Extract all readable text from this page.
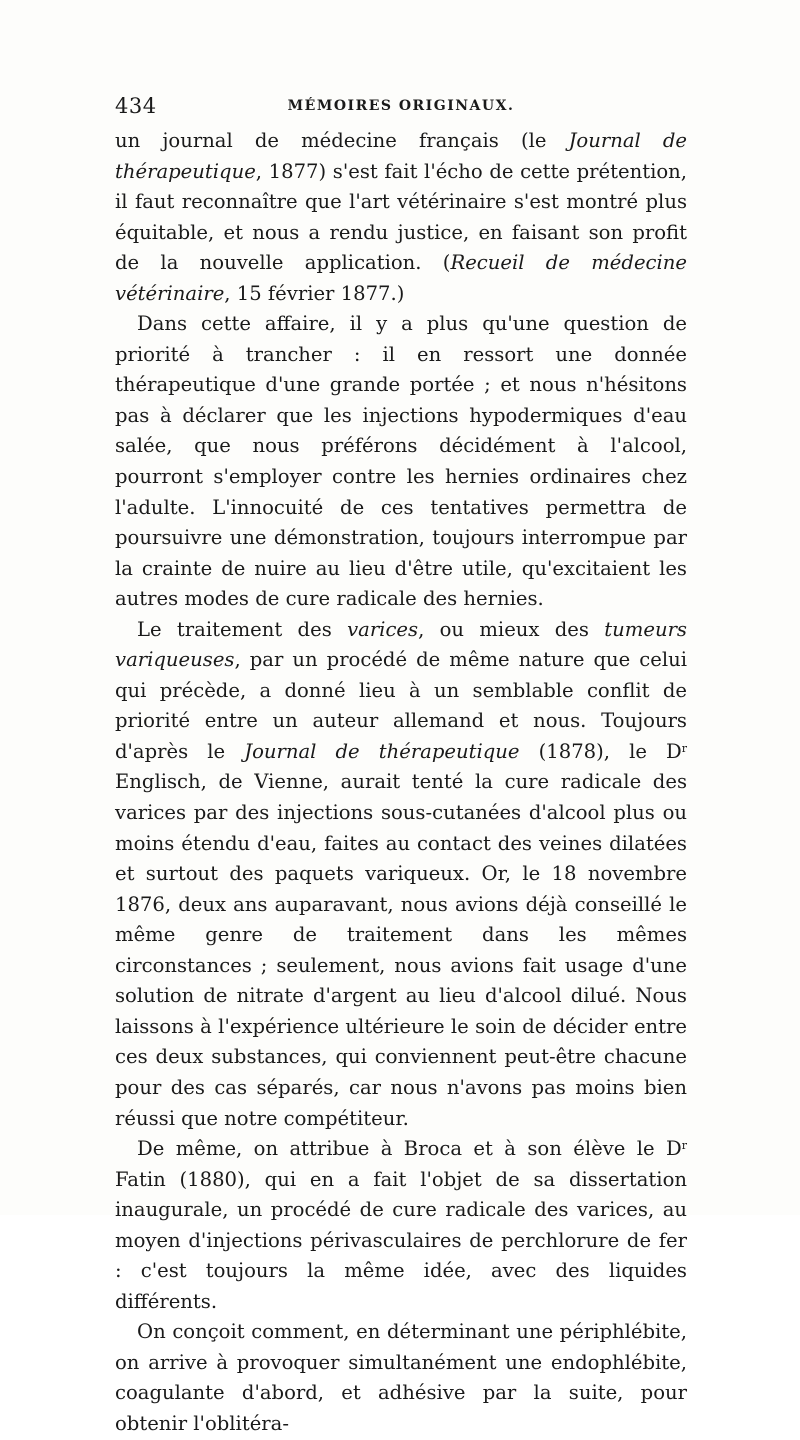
434	MÉMOIRES ORIGINAUX.

un journal de médecine français (le Journal de thérapeutique, 1877) s'est fait l'écho de cette prétention, il faut reconnaître que l'art vétérinaire s'est montré plus équitable, et nous a rendu justice, en faisant son profit de la nouvelle application. (Recueil de médecine vétérinaire, 15 février 1877.)

Dans cette affaire, il y a plus qu'une question de priorité à trancher : il en ressort une donnée thérapeutique d'une grande portée ; et nous n'hésitons pas à déclarer que les injections hypodermiques d'eau salée, que nous préférons décidément à l'alcool, pourront s'employer contre les hernies ordinaires chez l'adulte. L'innocuité de ces tentatives permettra de poursuivre une démonstration, toujours interrompue par la crainte de nuire au lieu d'être utile, qu'excitaient les autres modes de cure radicale des hernies.

Le traitement des varices, ou mieux des tumeurs variqueuses, par un procédé de même nature que celui qui précède, a donné lieu à un semblable conflit de priorité entre un auteur allemand et nous. Toujours d'après le Journal de thérapeutique (1878), le $D^r$ Englisch, de Vienne, aurait tenté la cure radicale des varices par des injections sous-cutanées d'alcool plus ou moins étendu d'eau, faites au contact des veines dilatées et surtout des paquets variqueux. Or, le 18 novembre 1876, deux ans auparavant, nous avions déjà conseillé le même genre de traitement dans les mêmes circonstances ; seulement, nous avions fait usage d'une solution de nitrate d'argent au lieu d'alcool dilué. Nous laissons à l'expérience ultérieure le soin de décider entre ces deux substances, qui conviennent peut-être chacune pour des cas séparés, car nous n'avons pas moins bien réussi que notre compétiteur.

De même, on attribue à Broca et à son élève le $D^r$ Fatin (1880), qui en a fait l'objet de sa dissertation inaugurale, un procédé de cure radicale des varices, au moyen d'injections périvasculaires de perchlorure de fer : c'est toujours la même idée, avec des liquides différents.

On conçoit comment, en déterminant une périphlébite, on arrive à provoquer simultanément une endophlébite, coagulante d'abord, et adhésive par la suite, pour obtenir l'oblitéra-
